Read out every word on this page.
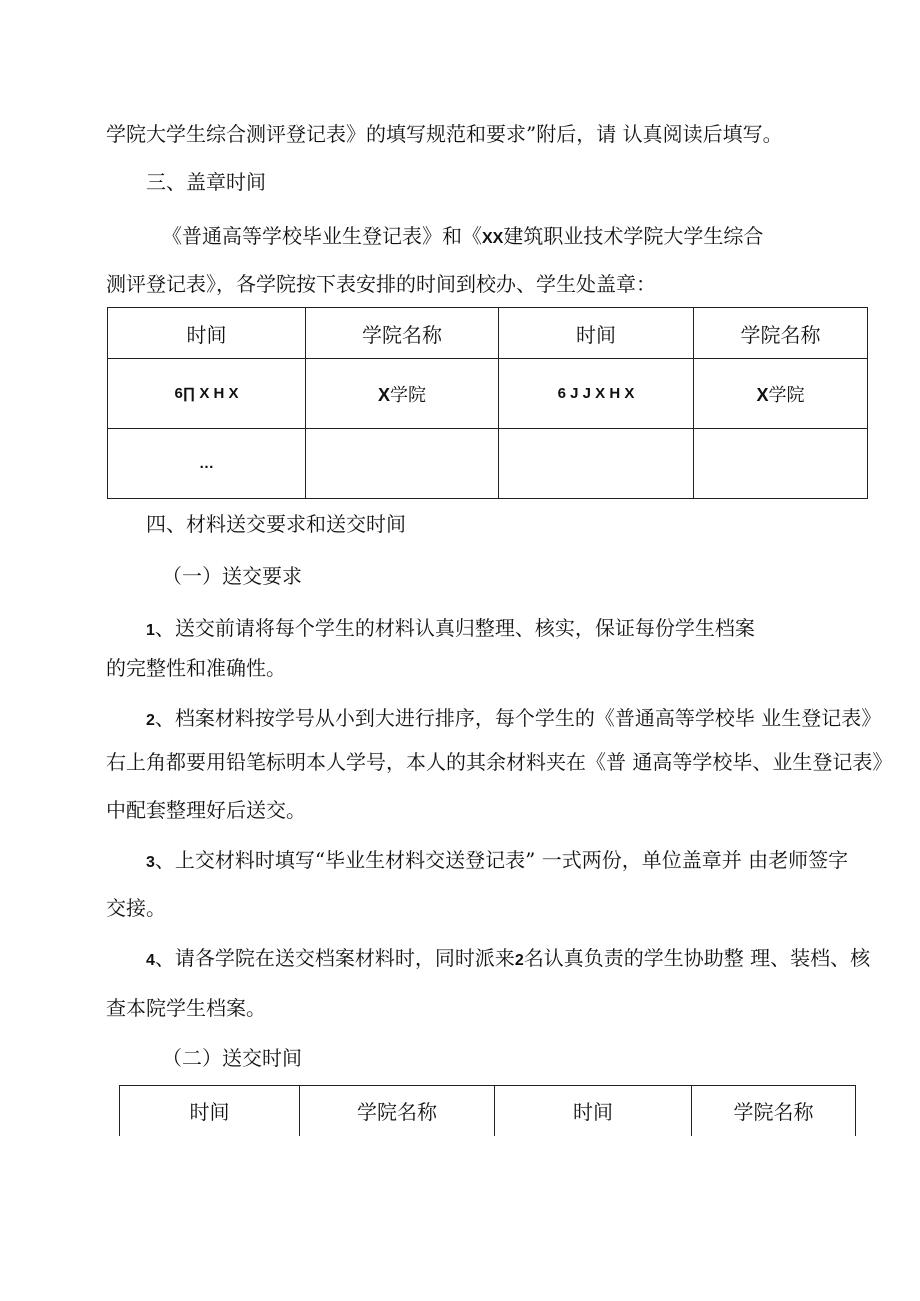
学院大学生综合测评登记表》的填写规范和要求”附后，请 认真阅读后填写。
三、盖章时间
《普通高等学校毕业生登记表》和《XX建筑职业技术学院大学生综合
测评登记表》，各学院按下表安排的时间到校办、学生处盖章：
时间	学院名称	时间	学院名称
6∏ X H X	X学院	6 J J X H X	X学院
…			
四、材料送交要求和送交时间
（一）送交要求
1、送交前请将每个学生的材料认真归整理、核实，保证每份学生档案
的完整性和准确性。
2、档案材料按学号从小到大进行排序，每个学生的《普通高等学校毕 业生登记表》
右上角都要用铅笔标明本人学号，本人的其余材料夹在《普 通高等学校毕、业生登记表》
中配套整理好后送交。
3、上交材料时填写“毕业生材料交送登记表” 一式两份，单位盖章并 由老师签字
交接。
4、请各学院在送交档案材料时，同时派来2名认真负责的学生协助整 理、装档、核
查本院学生档案。
（二）送交时间
时间	学院名称	时间	学院名称
